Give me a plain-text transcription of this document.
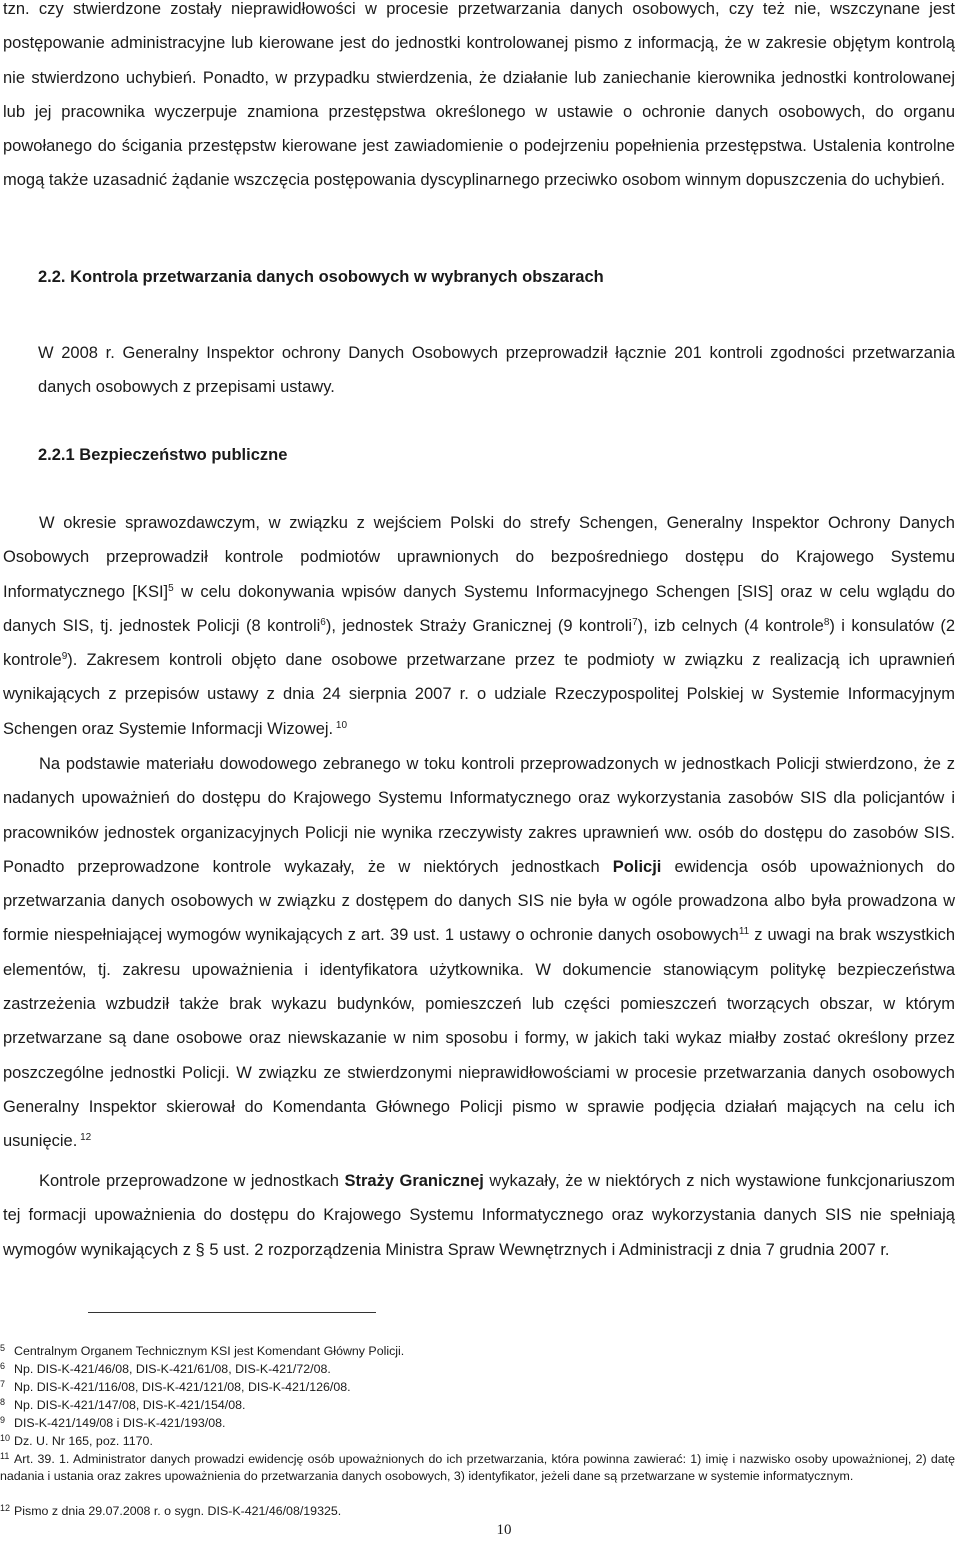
tzn. czy stwierdzone zostały nieprawidłowości w procesie przetwarzania danych osobowych, czy też nie, wszczynane jest postępowanie administracyjne lub kierowane jest do jednostki kontrolowanej pismo z informacją, że w zakresie objętym kontrolą nie stwierdzono uchybień. Ponadto, w przypadku stwierdzenia, że działanie lub zaniechanie kierownika jednostki kontrolowanej lub jej pracownika wyczerpuje znamiona przestępstwa określonego w ustawie o ochronie danych osobowych, do organu powołanego do ścigania przestępstw kierowane jest zawiadomienie o podejrzeniu popełnienia przestępstwa. Ustalenia kontrolne mogą także uzasadnić żądanie wszczęcia postępowania dyscyplinarnego przeciwko osobom winnym dopuszczenia do uchybień.

2.2. Kontrola przetwarzania danych osobowych w wybranych obszarach

W 2008 r. Generalny Inspektor ochrony Danych Osobowych przeprowadził łącznie 201 kontroli zgodności przetwarzania danych osobowych z przepisami ustawy.

2.2.1 Bezpieczeństwo publiczne

W okresie sprawozdawczym, w związku z wejściem Polski do strefy Schengen, Generalny Inspektor Ochrony Danych Osobowych przeprowadził kontrole podmiotów uprawnionych do bezpośredniego dostępu do Krajowego Systemu Informatycznego [KSI]$^5$ w celu dokonywania wpisów danych Systemu Informacyjnego Schengen [SIS] oraz w celu wglądu do danych SIS, tj. jednostek Policji (8 kontroli$^6$), jednostek Straży Granicznej (9 kontroli$^7$), izb celnych (4 kontrole$^8$) i konsulatów (2 kontrole$^9$). Zakresem kontroli objęto dane osobowe przetwarzane przez te podmioty w związku z realizacją ich uprawnień wynikających z przepisów ustawy z dnia 24 sierpnia 2007 r. o udziale Rzeczypospolitej Polskiej w Systemie Informacyjnym Schengen oraz Systemie Informacji Wizowej. $^{10}$

Na podstawie materiału dowodowego zebranego w toku kontroli przeprowadzonych w jednostkach Policji stwierdzono, że z nadanych upoważnień do dostępu do Krajowego Systemu Informatycznego oraz wykorzystania zasobów SIS dla policjantów i pracowników jednostek organizacyjnych Policji nie wynika rzeczywisty zakres uprawnień ww. osób do dostępu do zasobów SIS. Ponadto przeprowadzone kontrole wykazały, że w niektórych jednostkach Policji ewidencja osób upoważnionych do przetwarzania danych osobowych w związku z dostępem do danych SIS nie była w ogóle prowadzona albo była prowadzona w formie niespełniającej wymogów wynikających z art. 39 ust. 1 ustawy o ochronie danych osobowych$^{11}$ z uwagi na brak wszystkich elementów, tj. zakresu upoważnienia i identyfikatora użytkownika. W dokumencie stanowiącym politykę bezpieczeństwa zastrzeżenia wzbudził także brak wykazu budynków, pomieszczeń lub części pomieszczeń tworzących obszar, w którym przetwarzane są dane osobowe oraz niewskazanie w nim sposobu i formy, w jakich taki wykaz miałby zostać określony przez poszczególne jednostki Policji. W związku ze stwierdzonymi nieprawidłowościami w procesie przetwarzania danych osobowych Generalny Inspektor skierował do Komendanta Głównego Policji pismo w sprawie podjęcia działań mających na celu ich usunięcie. $^{12}$

Kontrole przeprowadzone w jednostkach Straży Granicznej wykazały, że w niektórych z nich wystawione funkcjonariuszom tej formacji upoważnienia do dostępu do Krajowego Systemu Informatycznego oraz wykorzystania danych SIS nie spełniają wymogów wynikających z § 5 ust. 2 rozporządzenia Ministra Spraw Wewnętrznych i Administracji z dnia 7 grudnia 2007 r.

5 Centralnym Organem Technicznym KSI jest Komendant Główny Policji.

6 Np. DIS-K-421/46/08, DIS-K-421/61/08, DIS-K-421/72/08.

7 Np. DIS-K-421/116/08, DIS-K-421/121/08, DIS-K-421/126/08.

8 Np. DIS-K-421/147/08, DIS-K-421/154/08.

9 DIS-K-421/149/08 i DIS-K-421/193/08.

10 Dz. U. Nr 165, poz. 1170.

11 Art. 39. 1. Administrator danych prowadzi ewidencję osób upoważnionych do ich przetwarzania, która powinna zawierać: 1) imię i nazwisko osoby upoważnionej, 2) datę nadania i ustania oraz zakres upoważnienia do przetwarzania danych osobowych, 3) identyfikator, jeżeli dane są przetwarzane w systemie informatycznym.

12 Pismo z dnia 29.07.2008 r. o sygn. DIS-K-421/46/08/19325.

10
